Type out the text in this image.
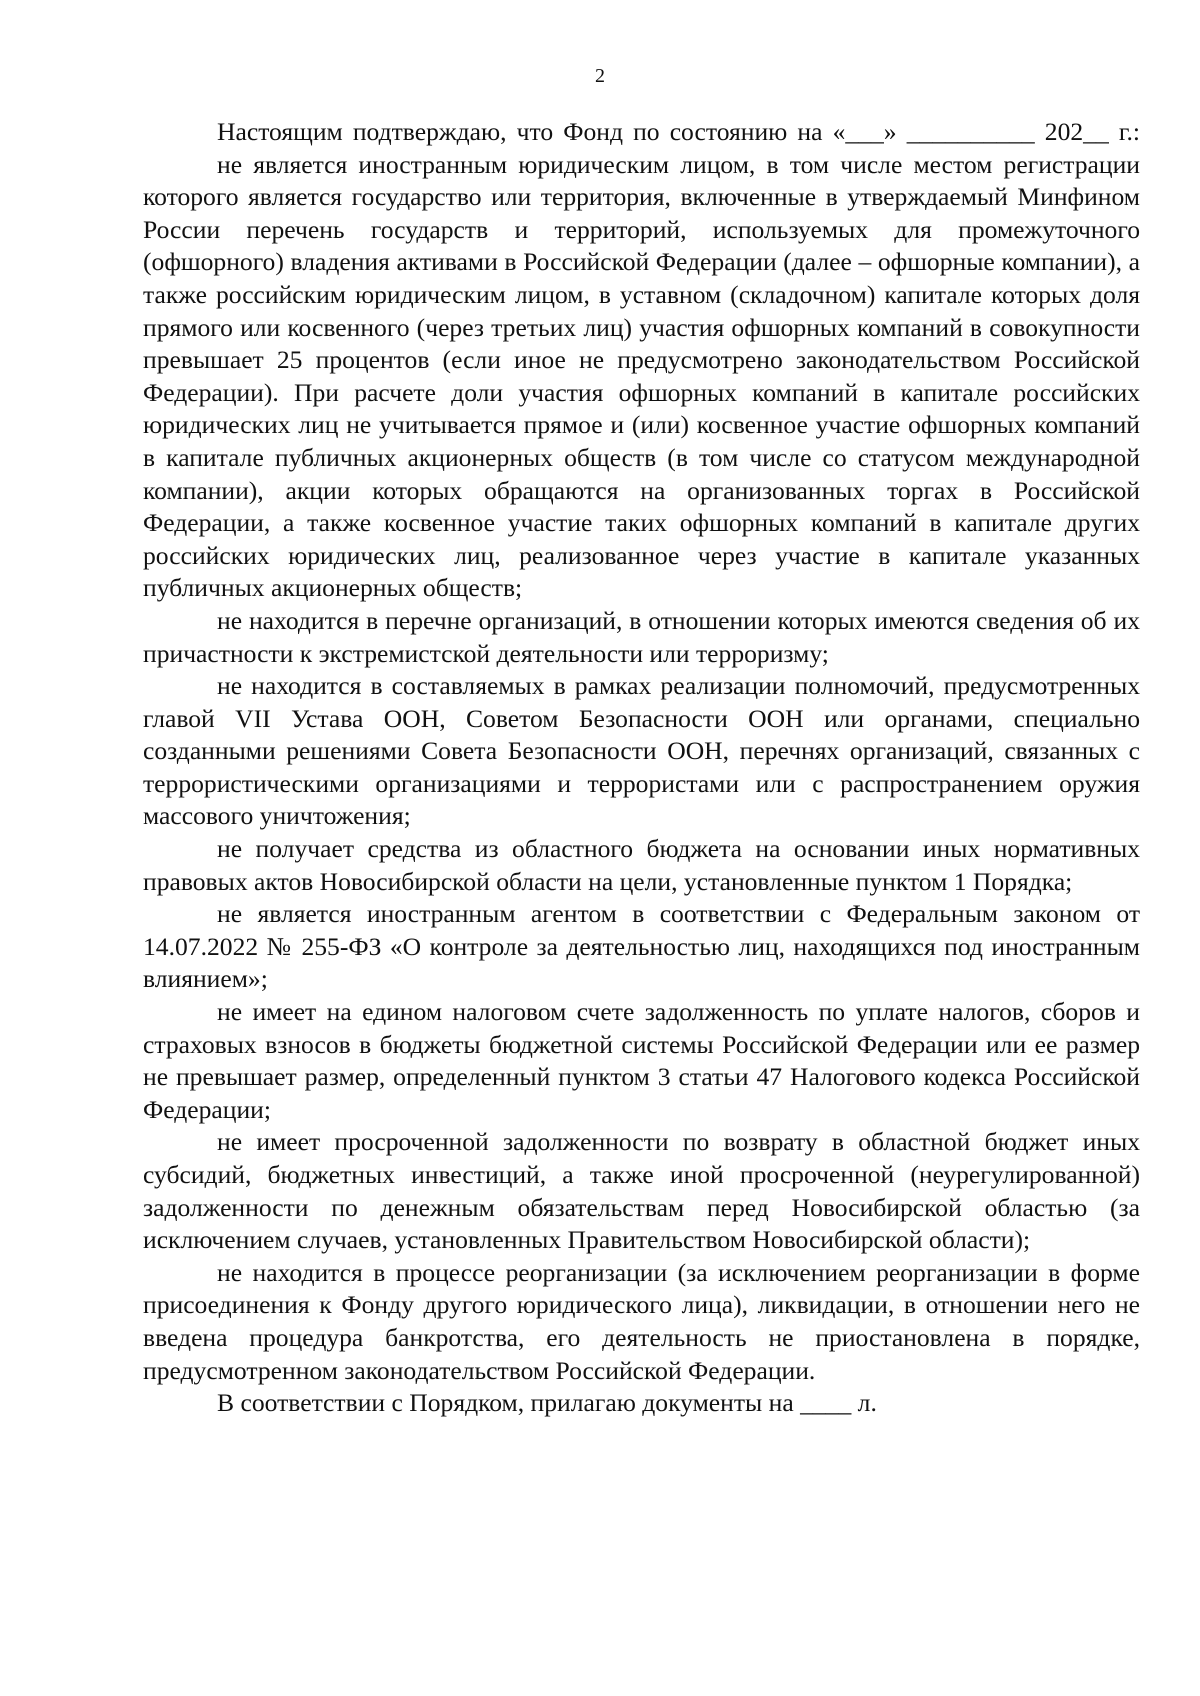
2

Настоящим подтверждаю, что Фонд по состоянию на «___» __________ 202__ г.:

не является иностранным юридическим лицом, в том числе местом регистрации которого является государство или территория, включенные в утверждаемый Минфином России перечень государств и территорий, используемых для промежуточного (офшорного) владения активами в Российской Федерации (далее – офшорные компании), а также российским юридическим лицом, в уставном (складочном) капитале которых доля прямого или косвенного (через третьих лиц) участия офшорных компаний в совокупности превышает 25 процентов (если иное не предусмотрено законодательством Российской Федерации). При расчете доли участия офшорных компаний в капитале российских юридических лиц не учитывается прямое и (или) косвенное участие офшорных компаний в капитале публичных акционерных обществ (в том числе со статусом международной компании), акции которых обращаются на организованных торгах в Российской Федерации, а также косвенное участие таких офшорных компаний в капитале других российских юридических лиц, реализованное через участие в капитале указанных публичных акционерных обществ;

не находится в перечне организаций, в отношении которых имеются сведения об их причастности к экстремистской деятельности или терроризму;

не находится в составляемых в рамках реализации полномочий, предусмотренных главой VII Устава ООН, Советом Безопасности ООН или органами, специально созданными решениями Совета Безопасности ООН, перечнях организаций, связанных с террористическими организациями и террористами или с распространением оружия массового уничтожения;

не получает средства из областного бюджета на основании иных нормативных правовых актов Новосибирской области на цели, установленные пунктом 1 Порядка;

не является иностранным агентом в соответствии с Федеральным законом от 14.07.2022 № 255-ФЗ «О контроле за деятельностью лиц, находящихся под иностранным влиянием»;

не имеет на едином налоговом счете задолженность по уплате налогов, сборов и страховых взносов в бюджеты бюджетной системы Российской Федерации или ее размер не превышает размер, определенный пунктом 3 статьи 47 Налогового кодекса Российской Федерации;

не имеет просроченной задолженности по возврату в областной бюджет иных субсидий, бюджетных инвестиций, а также иной просроченной (неурегулированной) задолженности по денежным обязательствам перед Новосибирской областью (за исключением случаев, установленных Правительством Новосибирской области);

не находится в процессе реорганизации (за исключением реорганизации в форме присоединения к Фонду другого юридического лица), ликвидации, в отношении него не введена процедура банкротства, его деятельность не приостановлена в порядке, предусмотренном законодательством Российской Федерации.

В соответствии с Порядком, прилагаю документы на ____ л.
